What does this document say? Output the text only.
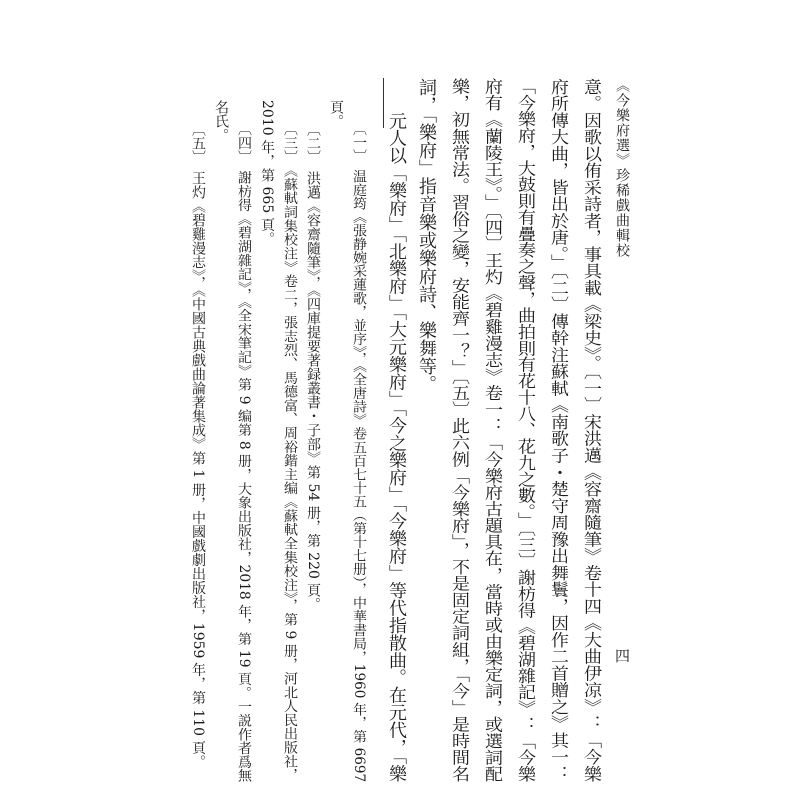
《今樂府選》珍稀戲曲輯校
四
意。因歌以侑采詩者，事具載《梁史》。〔一〕宋洪邁《容齋隨筆》卷十四《大曲伊凉》：「今樂
府所傳大曲，皆出於唐。」〔二〕傳幹注蘇軾《南歌子・楚守周豫出舞鬟，因作二首贈之》其一：
「今樂府，大鼓則有疊奏之聲，曲拍則有花十八、花九之數。」〔三〕謝枋得《碧湖雜記》：「今樂
府有《蘭陵王》。」〔四〕王灼《碧雞漫志》卷一：「今樂府古題具在，當時或由樂定詞，或選詞配
樂，初無常法。習俗之變，安能齊一？」〔五〕此六例「今樂府」，不是固定詞組，「今」是時間名
詞，「樂府」指音樂或樂府詩、樂舞等。
元人以「樂府」「北樂府」「大元樂府」「今之樂府」「今樂府」等代指散曲。在元代，「樂
〔一〕　温庭筠《張静婉采蓮歌，並序》，《全唐詩》卷五百七十五（第十七册），中華書局，1960 年，第 6697
頁。
〔二〕　洪邁《容齋隨筆》，《四庫提要著録叢書・子部》第 54 册，第 220 頁。
〔三〕　《蘇軾詞集校注》卷二，張志烈、馬德富、周裕鍇主编《蘇軾全集校注》，第 9 册，河北人民出版社，
2010 年，第 665 頁。
〔四〕　謝枋得《碧湖雜記》，《全宋筆記》第 9 编第 8 册，大象出版社，2018 年，第 19 頁。一説作者爲無
名氏。
〔五〕　王灼《碧雞漫志》，《中國古典戲曲論著集成》第 1 册，中國戲劇出版社，1959 年，第 110 頁。
